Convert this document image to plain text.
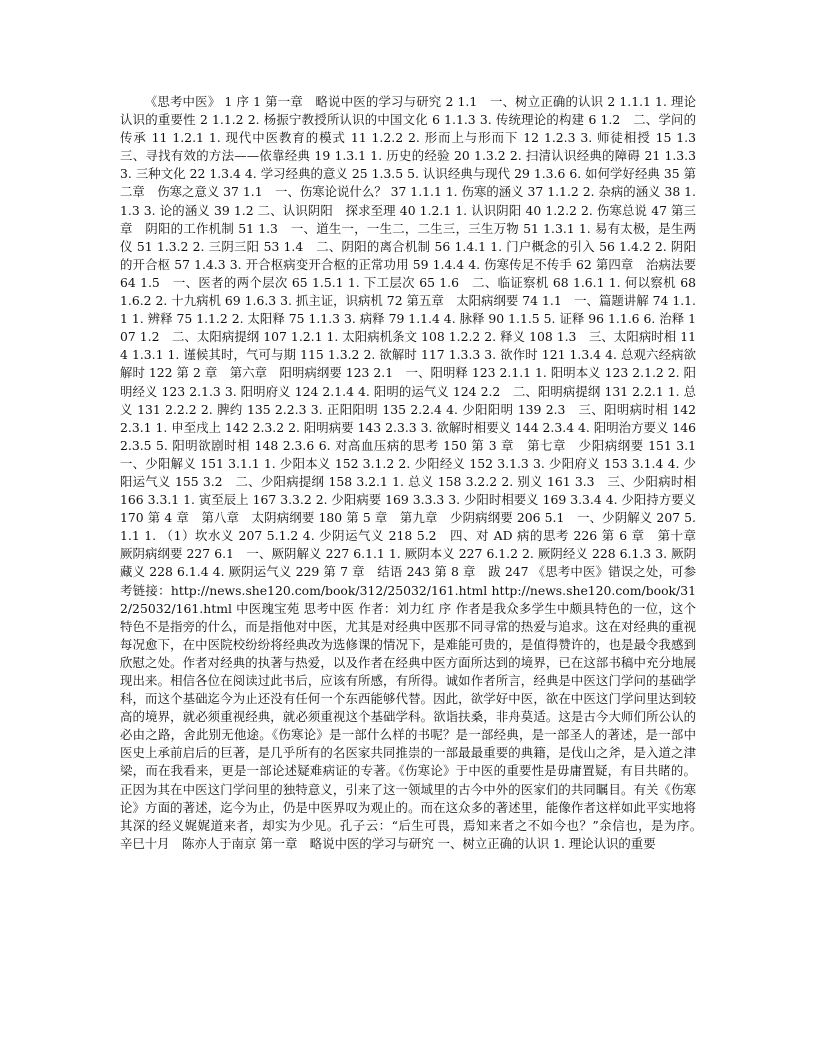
《思考中医》 1 序 1 第一章　略说中医的学习与研究 2 1.1　一、树立正确的认识 2 1.1.1 1. 理论认识的重要性 2 1.1.2 2. 杨振宁教授所认识的中国文化 6 1.1.3 3. 传统理论的构建 6 1.2　二、学问的传承 11 1.2.1 1. 现代中医教育的模式 11 1.2.2 2. 形而上与形而下 12 1.2.3 3. 师徒相授 15 1.3　三、寻找有效的方法——依靠经典 19 1.3.1 1. 历史的经验 20 1.3.2 2. 扫清认识经典的障碍 21 1.3.3 3. 三种文化 22 1.3.4 4. 学习经典的意义 25 1.3.5 5. 认识经典与现代 29 1.3.6 6. 如何学好经典 35 第二章　伤寒之意义 37 1.1　一、伤寒论说什么？ 37 1.1.1 1. 伤寒的涵义 37 1.1.2 2. 杂病的涵义 38 1.1.3 3. 论的涵义 39 1.2 二、认识阴阳　探求至理 40 1.2.1 1. 认识阴阳 40 1.2.2 2. 伤寒总说 47 第三章　阴阳的工作机制 51 1.3　一、道生一，一生二，二生三，三生万物 51 1.3.1 1. 易有太极，是生两仪 51 1.3.2 2. 三阴三阳 53 1.4　二、阴阳的离合机制 56 1.4.1 1. 门户概念的引入 56 1.4.2 2. 阴阳的开合枢 57 1.4.3 3. 开合枢病变开合枢的正常功用 59 1.4.4 4. 伤寒传足不传手 62 第四章　治病法要 64 1.5　一、医者的两个层次 65 1.5.1 1. 下工层次 65 1.6　二、临证察机 68 1.6.1 1. 何以察机 68 1.6.2 2. 十九病机 69 1.6.3 3. 抓主证，识病机 72 第五章　太阳病纲要 74 1.1　一、篇题讲解 74 1.1.1 1. 辨释 75 1.1.2 2. 太阳释 75 1.1.3 3. 病释 79 1.1.4 4. 脉释 90 1.1.5 5. 证释 96 1.1.6 6. 治释 107 1.2　二、太阳病提纲 107 1.2.1 1. 太阳病机条文 108 1.2.2 2. 释义 108 1.3　三、太阳病时相 114 1.3.1 1. 谨候其时，气可与期 115 1.3.2 2. 欲解时 117 1.3.3 3. 欲作时 121 1.3.4 4. 总观六经病欲解时 122 第 2 章　第六章　阳明病纲要 123 2.1　一、阳明释 123 2.1.1 1. 阳明本义 123 2.1.2 2. 阳明经义 123 2.1.3 3. 阳明府义 124 2.1.4 4. 阳明的运气义 124 2.2　二、阳明病提纲 131 2.2.1 1. 总义 131 2.2.2 2. 脾约 135 2.2.3 3. 正阳阳明 135 2.2.4 4. 少阳阳明 139 2.3　三、阳明病时相 142 2.3.1 1. 申至戌上 142 2.3.2 2. 阳明病要 143 2.3.3 3. 欲解时相要义 144 2.3.4 4. 阳明治方要义 146 2.3.5 5. 阳明欲剧时相 148 2.3.6 6. 对高血压病的思考 150 第 3 章　第七章　少阳病纲要 151 3.1　一、少阳解义 151 3.1.1 1. 少阳本义 152 3.1.2 2. 少阳经义 152 3.1.3 3. 少阳府义 153 3.1.4 4. 少阳运气义 155 3.2　二、少阳病提纲 158 3.2.1 1. 总义 158 3.2.2 2. 别义 161 3.3　三、少阳病时相 166 3.3.1 1. 寅至辰上 167 3.3.2 2. 少阳病要 169 3.3.3 3. 少阳时相要义 169 3.3.4 4. 少阳持方要义 170 第 4 章　第八章　太阴病纲要 180 第 5 章　第九章　少阴病纲要 206 5.1　一、少阴解义 207 5.1.1 1. （1）坎水义 207 5.1.2 4. 少阴运气义 218 5.2　四、对 AD 病的思考 226 第 6 章　第十章　厥阴病纲要 227 6.1　一、厥阴解义 227 6.1.1 1. 厥阴本义 227 6.1.2 2. 厥阴经义 228 6.1.3 3. 厥阴藏义 228 6.1.4 4. 厥阴运气义 229 第 7 章　结语 243 第 8 章　跋 247 《思考中医》错误之处，可参考链接：http://news.she120.com/book/312/25032/161.html http://news.she120.com/book/312/25032/161.html 中医瑰宝苑 思考中医 作者：刘力红 序 作者是我众多学生中颇具特色的一位，这个特色不是指旁的什么，而是指他对中医，尤其是对经典中医那不同寻常的热爱与追求。这在对经典的重视每况愈下，在中医院校纷纷将经典改为选修课的情况下，是难能可贵的，是值得赞许的，也是最令我感到欣慰之处。作者对经典的执著与热爱，以及作者在经典中医方面所达到的境界，已在这部书稿中充分地展现出来。相信各位在阅读过此书后，应该有所感，有所得。诚如作者所言，经典是中医这门学问的基础学科，而这个基础迄今为止还没有任何一个东西能够代替。因此，欲学好中医，欲在中医这门学问里达到较高的境界，就必须重视经典，就必须重视这个基础学科。欲诣扶桑，非舟莫适。这是古今大师们所公认的必由之路，舍此别无他途。《伤寒论》是一部什么样的书呢？是一部经典，是一部圣人的著述，是一部中医史上承前启后的巨著，是几乎所有的名医家共同推崇的一部最最重要的典籍，是伐山之斧，是入道之津梁，而在我看来，更是一部论述疑难病证的专著。《伤寒论》于中医的重要性是毋庸置疑，有目共睹的。正因为其在中医这门学问里的独特意义，引来了这一领域里的古今中外的医家们的共同瞩目。有关《伤寒论》方面的著述，迄今为止，仍是中医界叹为观止的。而在这众多的著述里，能像作者这样如此平实地将其深的经义娓娓道来者，却实为少见。孔子云：“后生可畏，焉知来者之不如今也？”余信也，是为序。　辛巳十月　陈亦人于南京 第一章　略说中医的学习与研究 一、树立正确的认识 1. 理论认识的重要
